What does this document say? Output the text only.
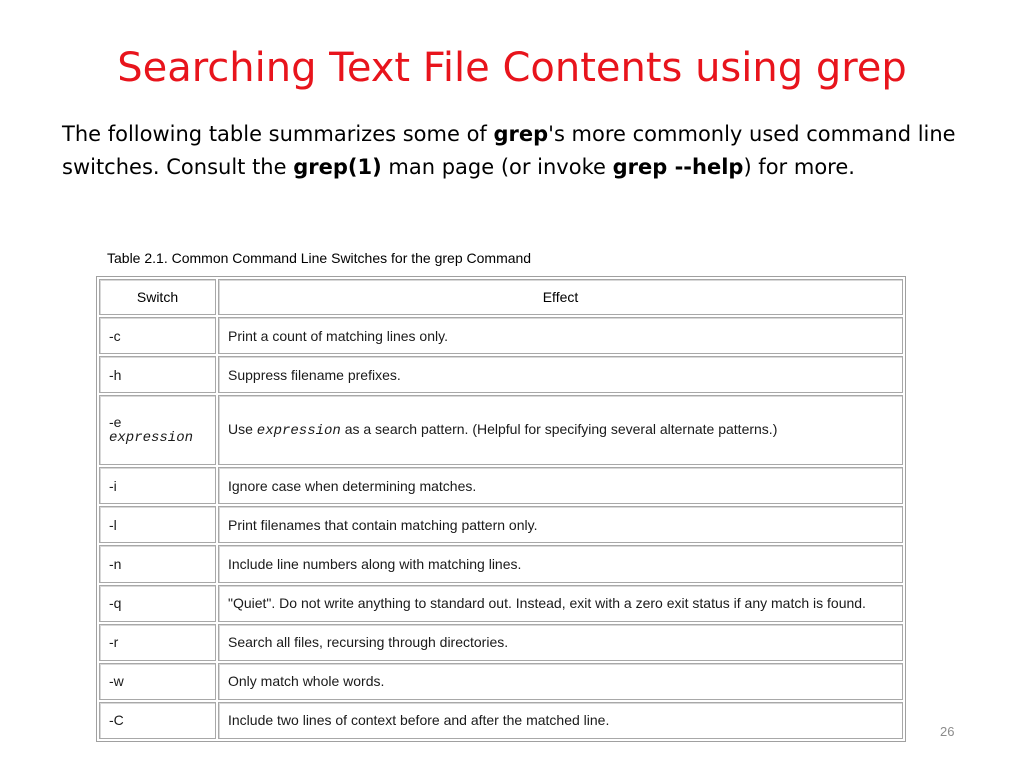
Searching Text File Contents using grep

The following table summarizes some of grep's more commonly used command line switches. Consult the grep(1) man page (or invoke grep --help) for more.

Table 2.1. Common Command Line Switches for the grep Command
Switch	Effect
-c	Print a count of matching lines only.
-h	Suppress filename prefixes.

-e
expression	Use expression as a search pattern. (Helpful for specifying several alternate patterns.)
-i	Ignore case when determining matches.
-l	Print filenames that contain matching pattern only.
-n	Include line numbers along with matching lines.
-q	"Quiet". Do not write anything to standard out. Instead, exit with a zero exit status if any match is found.
-r	Search all files, recursing through directories.
-w	Only match whole words.
-C	Include two lines of context before and after the matched line.
26
